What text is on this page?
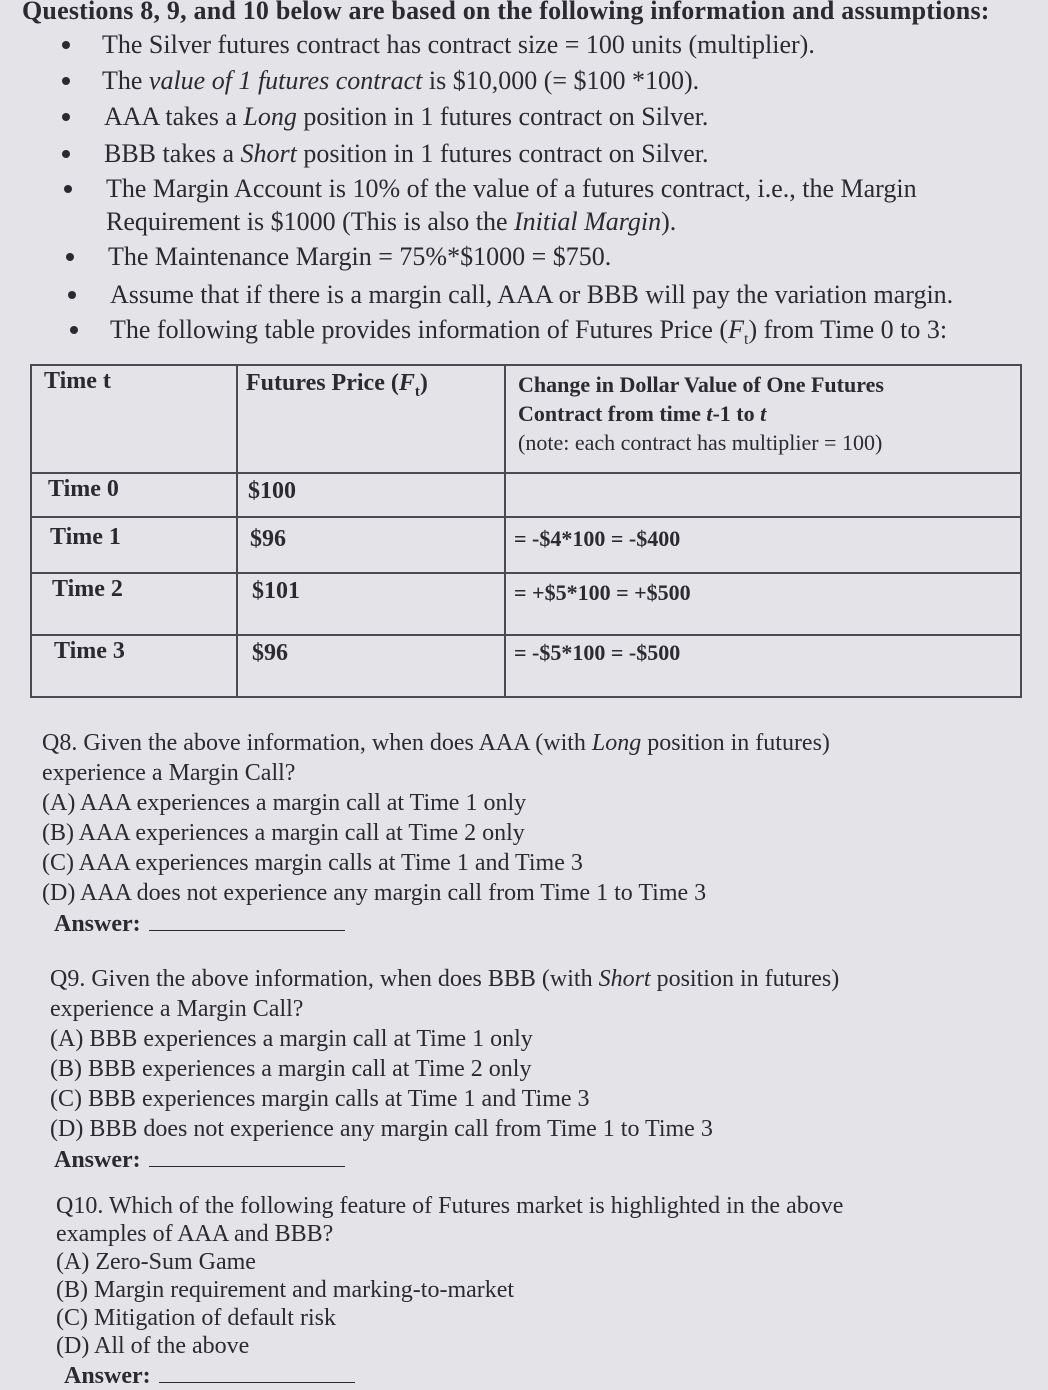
Questions 8, 9, and 10 below are based on the following information and assumptions:
The Silver futures contract has contract size = 100 units (multiplier).
The value of 1 futures contract is $10,000 (= $100 *100).
AAA takes a Long position in 1 futures contract on Silver.
BBB takes a Short position in 1 futures contract on Silver.
The Margin Account is 10% of the value of a futures contract, i.e., the Margin
Requirement is $1000 (This is also the Initial Margin).
The Maintenance Margin = 75%*$1000 = $750.
Assume that if there is a margin call, AAA or BBB will pay the variation margin.
The following table provides information of Futures Price $(F_t)$ from Time 0 to 3:
Time t	Futures Price $(F_t)$	Change in Dollar Value of One Futures
Contract from time t-1 to t
(note: each contract has multiplier = 100)
Time 0	$100
Time 1	$96	= -$4*100 = -$400
Time 2	$101	= +$5*100 = +$500
Time 3	$96	= -$5*100 = -$500
Q8. Given the above information, when does AAA (with Long position in futures)
experience a Margin Call?
(A) AAA experiences a margin call at Time 1 only
(B) AAA experiences a margin call at Time 2 only
(C) AAA experiences margin calls at Time 1 and Time 3
(D) AAA does not experience any margin call from Time 1 to Time 3
Answer:
Q9. Given the above information, when does BBB (with Short position in futures)
experience a Margin Call?
(A) BBB experiences a margin call at Time 1 only
(B) BBB experiences a margin call at Time 2 only
(C) BBB experiences margin calls at Time 1 and Time 3
(D) BBB does not experience any margin call from Time 1 to Time 3
Answer:
Q10. Which of the following feature of Futures market is highlighted in the above
examples of AAA and BBB?
(A) Zero-Sum Game
(B) Margin requirement and marking-to-market
(C) Mitigation of default risk
(D) All of the above
Answer:
